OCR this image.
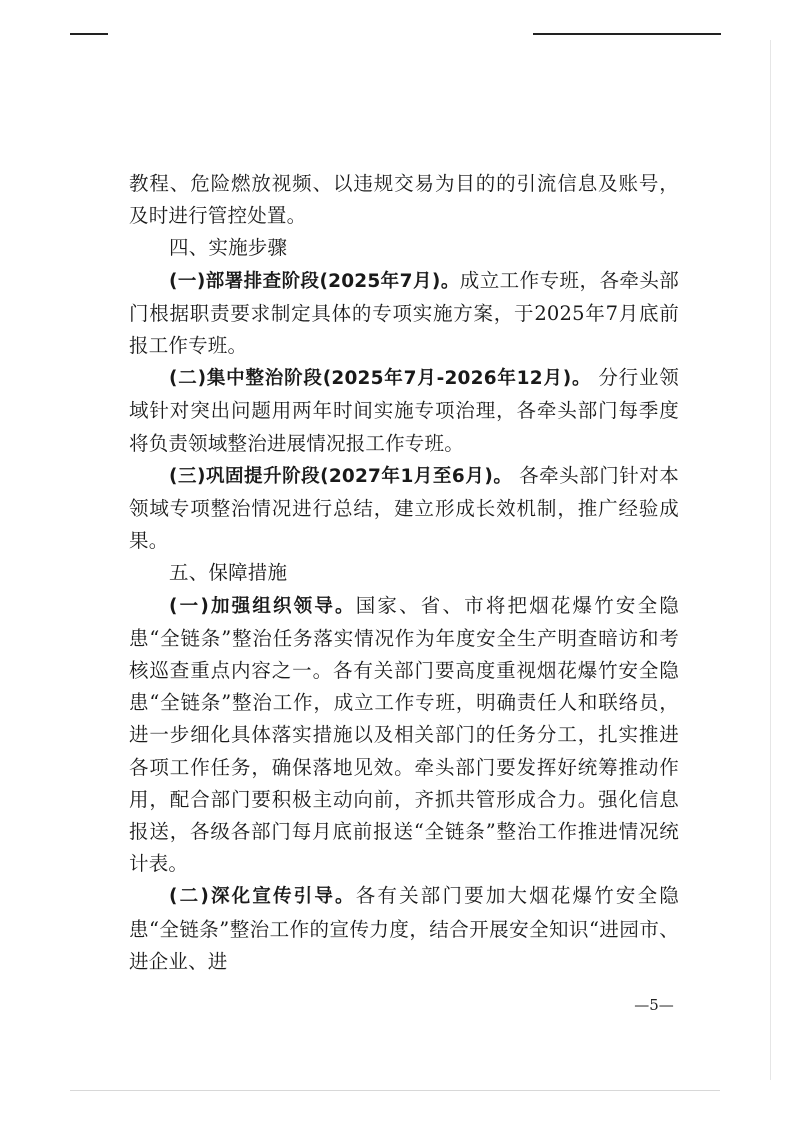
教程、危险燃放视频、以违规交易为目的的引流信息及账号，及时进行管控处置。

四、实施步骤

(一)部署排查阶段(2025年7月)。成立工作专班，各牵头部门根据职责要求制定具体的专项实施方案，于2025年7月底前报工作专班。

(二)集中整治阶段(2025年7月-2026年12月)。 分行业领域针对突出问题用两年时间实施专项治理，各牵头部门每季度将负责领域整治进展情况报工作专班。

(三)巩固提升阶段(2027年1月至6月)。 各牵头部门针对本领域专项整治情况进行总结，建立形成长效机制，推广经验成果。

五、保障措施

(一)加强组织领导。国家、省、市将把烟花爆竹安全隐患“全链条”整治任务落实情况作为年度安全生产明查暗访和考核巡查重点内容之一。各有关部门要高度重视烟花爆竹安全隐患“全链条”整治工作，成立工作专班，明确责任人和联络员，进一步细化具体落实措施以及相关部门的任务分工，扎实推进各项工作任务，确保落地见效。牵头部门要发挥好统筹推动作用，配合部门要积极主动向前，齐抓共管形成合力。强化信息报送，各级各部门每月底前报送“全链条”整治工作推进情况统计表。

(二)深化宣传引导。各有关部门要加大烟花爆竹安全隐患“全链条”整治工作的宣传力度，结合开展安全知识“进园市、进企业、进

—5—
